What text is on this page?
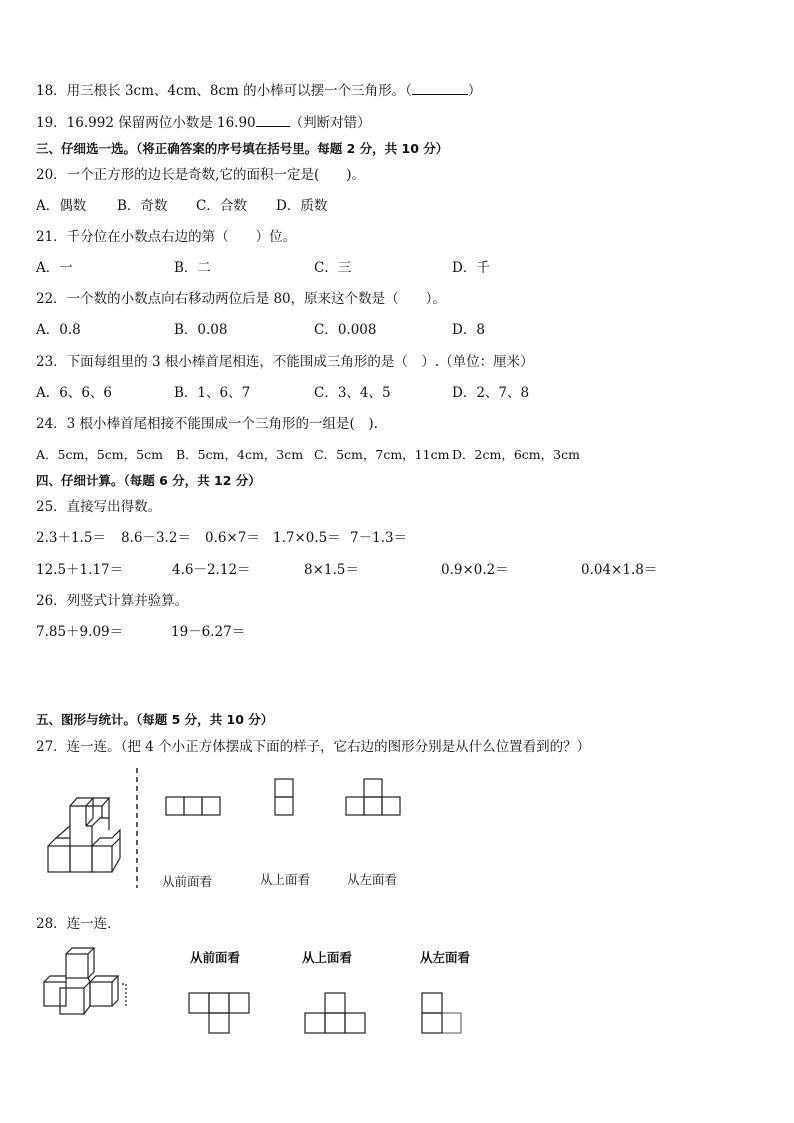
18．用三根长 3cm、4cm、8cm 的小棒可以摆一个三角形。（	）
19．16.992 保留两位小数是 16.90	（判断对错）
三、仔细选一选。（将正确答案的序号填在括号里。每题 2 分，共 10 分）
20．一个正方形的边长是奇数,它的面积一定是(　　)。
A．偶数 B．奇数 C．合数 D．质数
21．千分位在小数点右边的第（　　）位。
A．一	B．二	C．三	D．千
22．一个数的小数点向右移动两位后是 80，原来这个数是（　　）。
A．0.8	B．0.08	C．0.008	D．8
23．下面每组里的 3 根小棒首尾相连，不能围成三角形的是（　）.（单位：厘米）
A．6、6、6	B．1、6、7	C．3、4、5	D．2、7、8
24．3 根小棒首尾相接不能围成一个三角形的一组是(　).
A．5cm，5cm，5cm B．5cm，4cm，3cm C．5cm，7cm，11cm D．2cm，6cm，3cm
四、仔细计算。（每题 6 分，共 12 分）
25．直接写出得数。
2.3＋1.5＝ 8.6－3.2＝ 0.6×7＝ 1.7×0.5＝ 7－1.3＝
12.5＋1.17＝	4.6－2.12＝	8×1.5＝	0.9×0.2＝	0.04×1.8＝
26．列竖式计算并验算。
7.85＋9.09＝	19－6.27＝
五、图形与统计。（每题 5 分，共 10 分）
27．连一连。（把 4 个小正方体摆成下面的样子，它右边的图形分别是从什么位置看到的？）
从前面看	从上面看	从左面看
28．连一连．
从前面看	从上面看	从左面看
